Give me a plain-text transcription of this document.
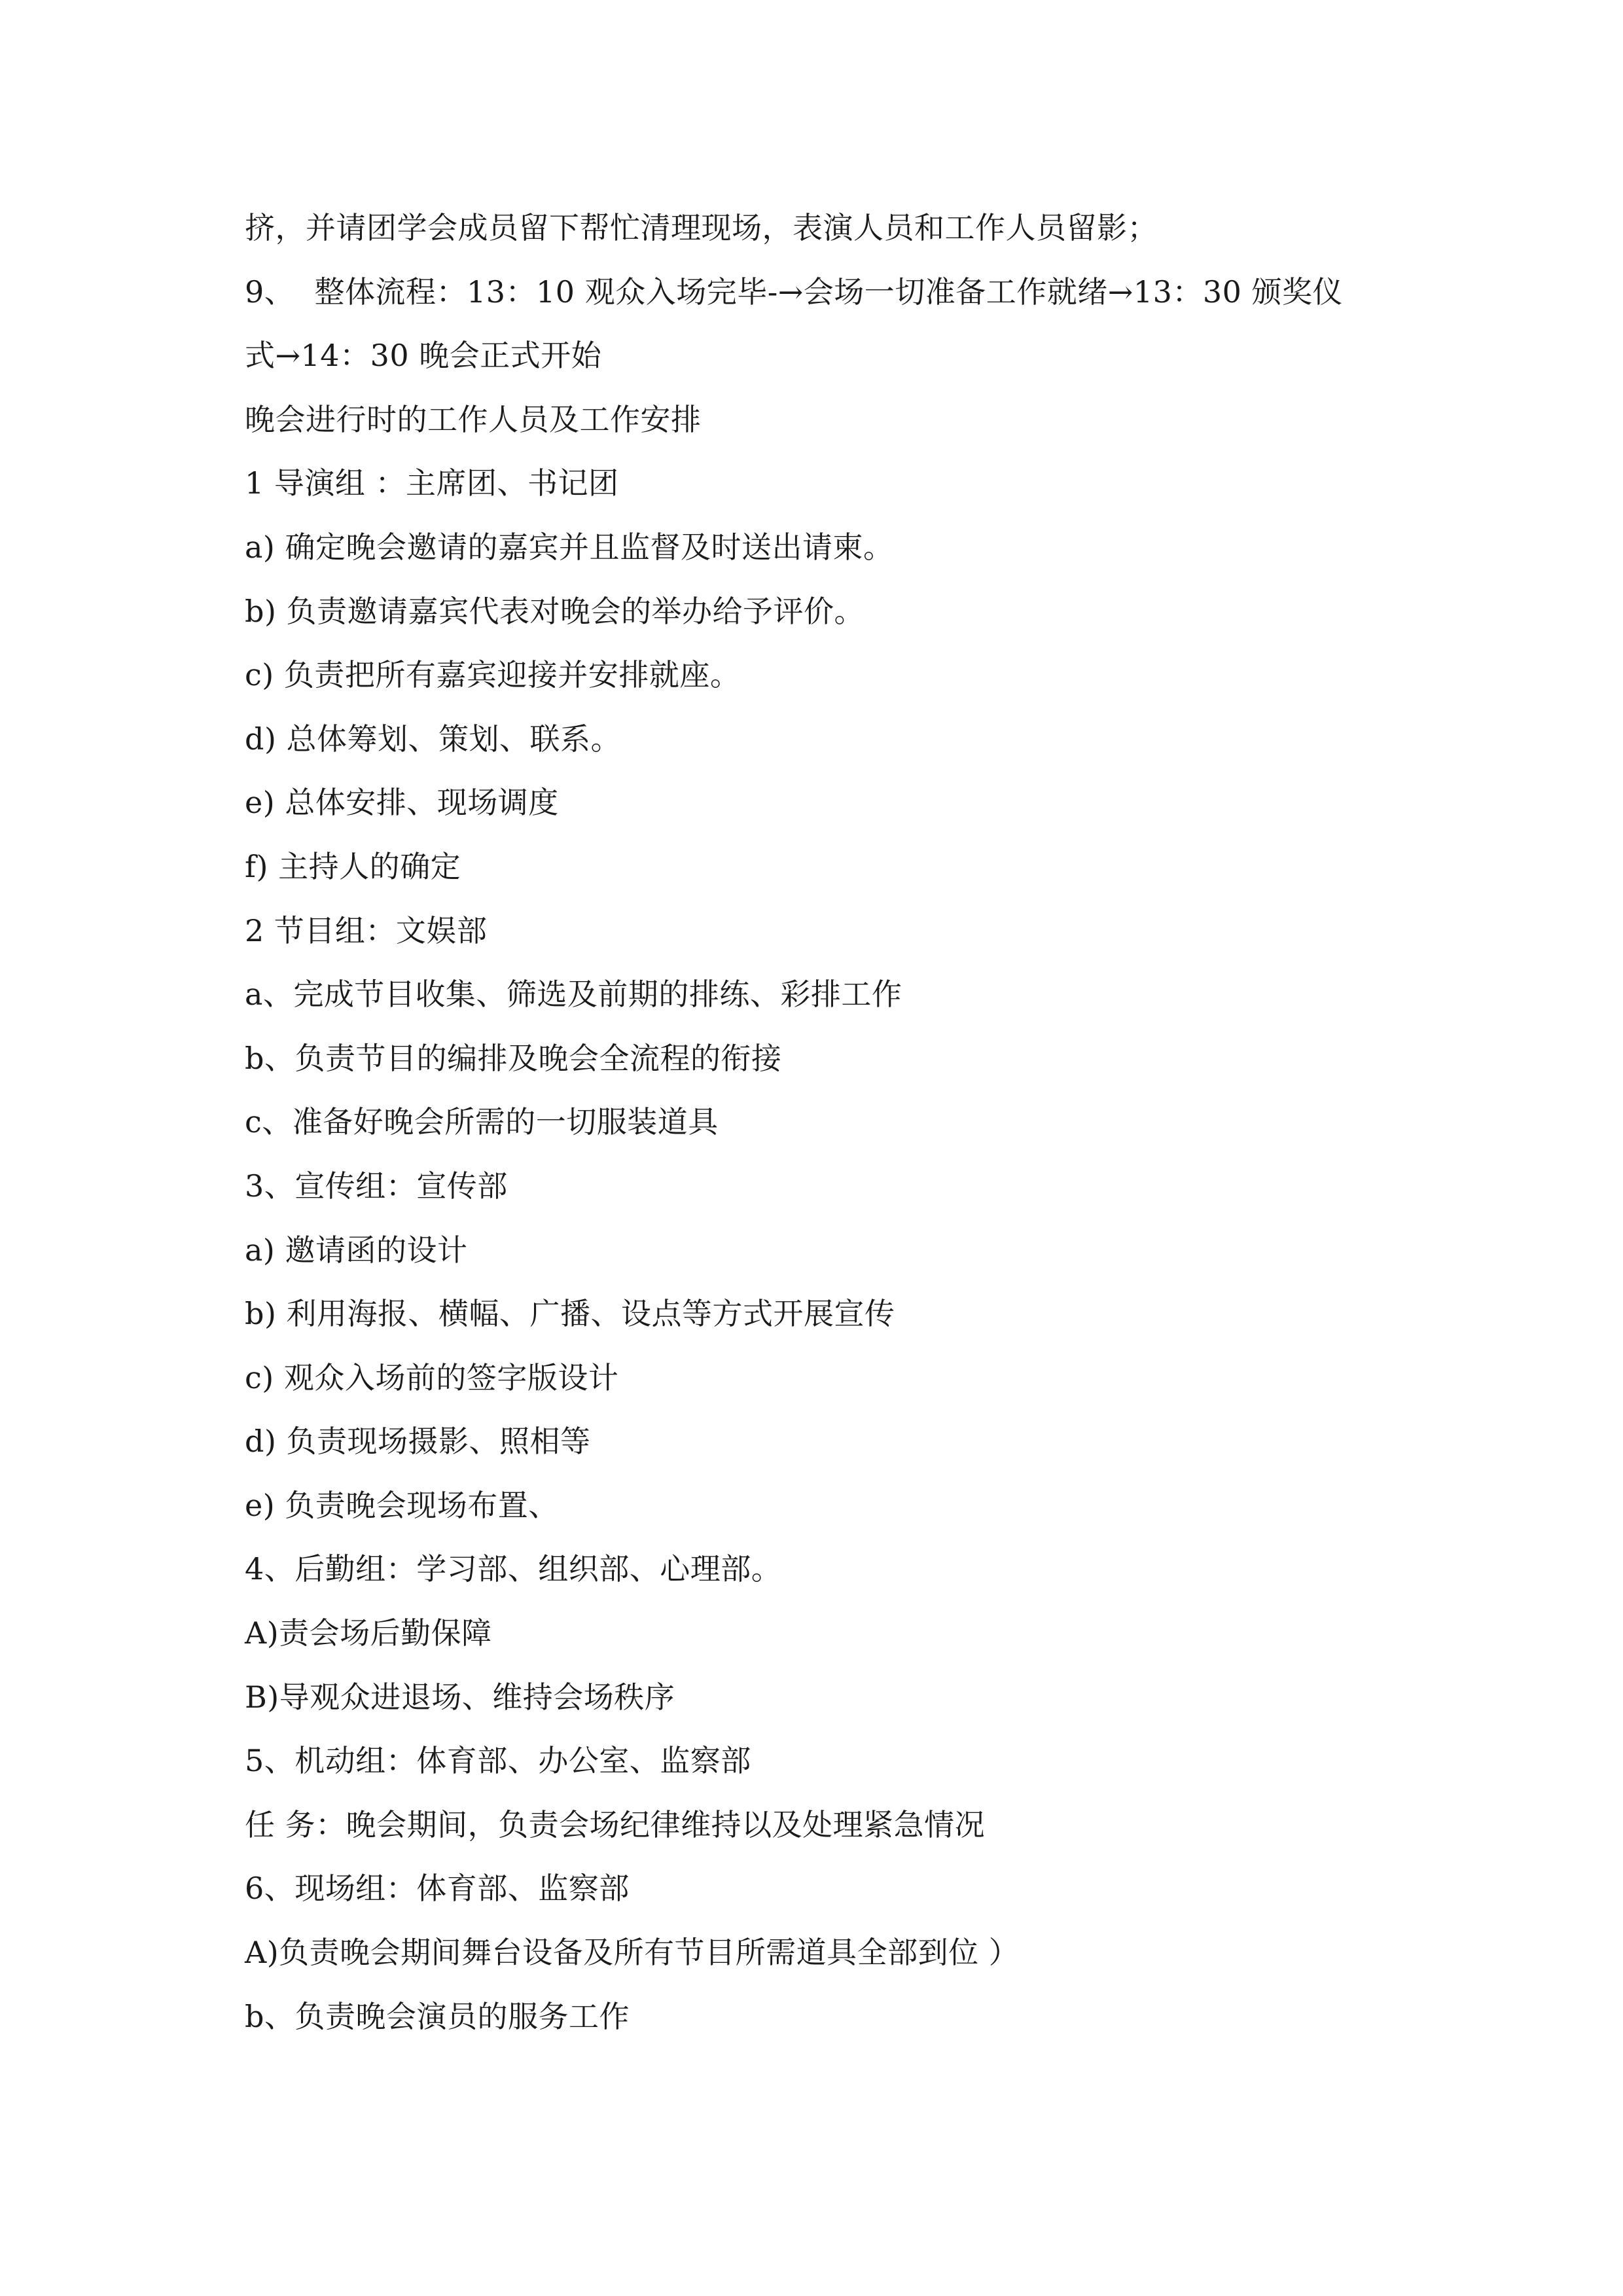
挤，并请团学会成员留下帮忙清理现场，表演人员和工作人员留影；
9、  整体流程：13：10 观众入场完毕-→会场一切准备工作就绪→13：30 颁奖仪
式→14：30 晚会正式开始
晚会进行时的工作人员及工作安排
1 导演组 ：主席团、书记团
a) 确定晚会邀请的嘉宾并且监督及时送出请柬。
b) 负责邀请嘉宾代表对晚会的举办给予评价。
c) 负责把所有嘉宾迎接并安排就座。
d) 总体筹划、策划、联系。
e) 总体安排、现场调度
f) 主持人的确定
2 节目组：文娱部
a、完成节目收集、筛选及前期的排练、彩排工作
b、负责节目的编排及晚会全流程的衔接
c、准备好晚会所需的一切服装道具
3、宣传组：宣传部
a) 邀请函的设计
b) 利用海报、横幅、广播、设点等方式开展宣传
c) 观众入场前的签字版设计
d) 负责现场摄影、照相等
e) 负责晚会现场布置、
4、后勤组：学习部、组织部、心理部。
A)责会场后勤保障
B)导观众进退场、维持会场秩序
5、机动组：体育部、办公室、监察部
任 务：晚会期间，负责会场纪律维持以及处理紧急情况
6、现场组：体育部、监察部
A)负责晚会期间舞台设备及所有节目所需道具全部到位 ）
b、负责晚会演员的服务工作
